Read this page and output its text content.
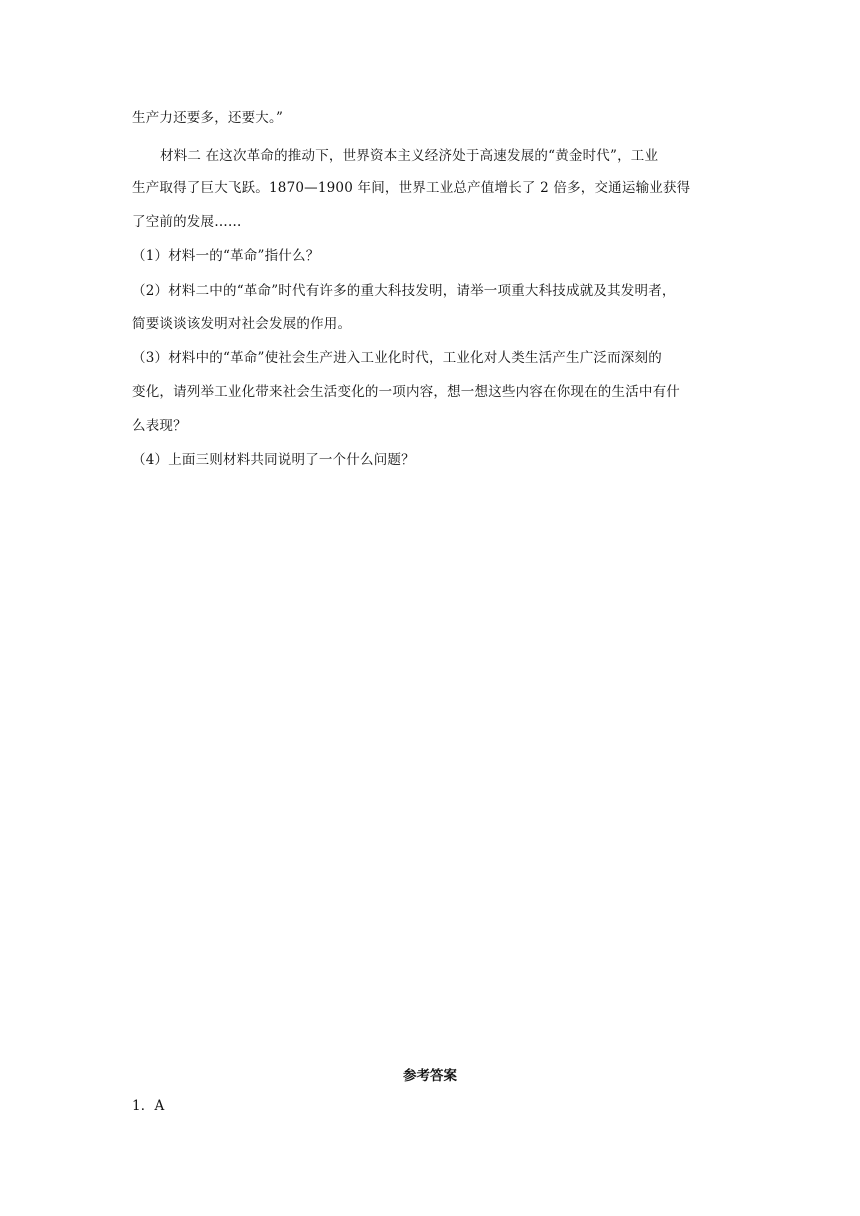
生产力还要多，还要大。”
材料二 在这次革命的推动下，世界资本主义经济处于高速发展的“黄金时代”，工业
生产取得了巨大飞跃。1870—1900 年间，世界工业总产值增长了 2 倍多，交通运输业获得
了空前的发展……
（1）材料一的“革命”指什么？
（2）材料二中的“革命”时代有许多的重大科技发明，请举一项重大科技成就及其发明者，
简要谈谈该发明对社会发展的作用。
（3）材料中的“革命”使社会生产进入工业化时代，工业化对人类生活产生广泛而深刻的
变化，请列举工业化带来社会生活变化的一项内容，想一想这些内容在你现在的生活中有什
么表现？
（4）上面三则材料共同说明了一个什么问题？
参考答案
1．A
